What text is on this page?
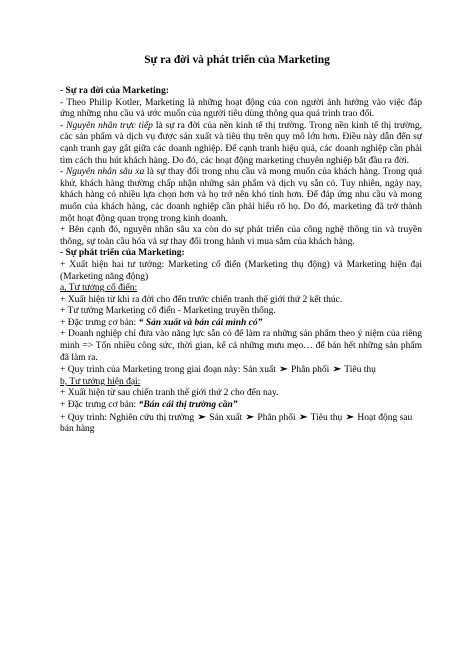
Sự ra đời và phát triển của Marketing

- Sự ra đời của Marketing:

- Theo Philip Kotler, Marketing là những hoạt động của con người ảnh hưởng vào việc đáp ứng những nhu cầu và ước muốn của người tiêu dùng thông qua quá trình trao đổi.

- Nguyên nhân trực tiếp là sự ra đời của nền kinh tế thị trường. Trong nền kinh tế thị trường, các sản phẩm và dịch vụ được sản xuất và tiêu thụ trên quy mô lớn hơn. Điều này dẫn đến sự cạnh tranh gay gắt giữa các doanh nghiệp. Để cạnh tranh hiệu quả, các doanh nghiệp cần phải tìm cách thu hút khách hàng. Do đó, các hoạt động marketing chuyên nghiệp bắt đầu ra đời.

- Nguyên nhân sâu xa là sự thay đổi trong nhu cầu và mong muốn của khách hàng. Trong quá khứ, khách hàng thường chấp nhận những sản phẩm và dịch vụ sẵn có. Tuy nhiên, ngày nay, khách hàng có nhiều lựa chọn hơn và họ trở nên khó tính hơn. Để đáp ứng nhu cầu và mong muốn của khách hàng, các doanh nghiệp cần phải hiểu rõ họ. Do đó, marketing đã trở thành một hoạt động quan trọng trong kinh doanh.

+ Bên cạnh đó, nguyên nhân sâu xa còn do sự phát triển của công nghệ thông tin và truyền thông, sự toàn cầu hóa và sự thay đổi trong hành vi mua sắm của khách hàng.

- Sự phát triển của Marketing:

+ Xuất hiện hai tư tưởng: Marketing cổ điển (Marketing thụ động) và Marketing hiện đại (Marketing năng động)

a, Tư tưởng cổ điển:

+ Xuất hiện từ khi ra đời cho đến trước chiến tranh thế giới thứ 2 kết thúc.

+ Tư tưởng Marketing cổ điển - Marketing truyền thống.

+ Đặc trưng cơ bản: “ Sản xuất và bán cái mình có”

+ Doanh nghiệp chỉ đưa vào năng lực sẵn có để làm ra những sản phẩm theo ý niệm của riêng mình => Tốn nhiều công sức, thời gian, kể cả những mưu mẹo… để bán hết những sản phẩm đã làm ra.

+ Quy trình của Marketing trong giai đoạn này: Sản xuất ➢ Phân phối ➢ Tiêu thụ

b, Tư tưởng hiện đại:

+ Xuất hiện từ sau chiến tranh thế giới thứ 2 cho đến nay.

+ Đặc trưng cơ bản: “Bán cái thị trường cần”

+ Quy trình: Nghiên cứu thị trường ➢ Sản xuất ➢ Phân phối ➢ Tiêu thụ ➢ Hoạt động sau bán hàng
